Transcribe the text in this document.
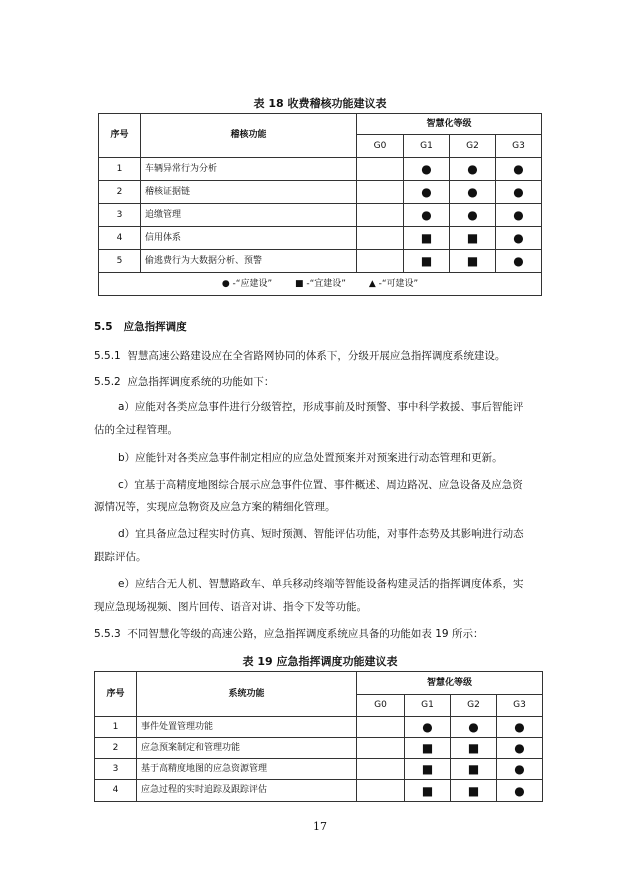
表 18 收费稽核功能建议表
序号	稽核功能	智慧化等级			
		G0	G1	G2	G3
1	车辆异常行为分析		●	●	●
2	稽核证据链		●	●	●
3	追缴管理		●	●	●
4	信用体系		■	■	●
5	偷逃费行为大数据分析、预警		■	■	●
● -“应建设” ■ -“宜建设” ▲ -“可建设”					
5.5 应急指挥调度
5.5.1 智慧高速公路建设应在全省路网协同的体系下，分级开展应急指挥调度系统建设。
5.5.2 应急指挥调度系统的功能如下：
a）应能对各类应急事件进行分级管控，形成事前及时预警、事中科学救援、事后智能评
估的全过程管理。
b）应能针对各类应急事件制定相应的应急处置预案并对预案进行动态管理和更新。
c）宜基于高精度地图综合展示应急事件位置、事件概述、周边路况、应急设备及应急资
源情况等，实现应急物资及应急方案的精细化管理。
d）宜具备应急过程实时仿真、短时预测、智能评估功能，对事件态势及其影响进行动态
跟踪评估。
e）应结合无人机、智慧路政车、单兵移动终端等智能设备构建灵活的指挥调度体系，实
现应急现场视频、图片回传、语音对讲、指令下发等功能。
5.5.3 不同智慧化等级的高速公路，应急指挥调度系统应具备的功能如表 19 所示：
表 19 应急指挥调度功能建议表
序号	系统功能	智慧化等级			
		G0	G1	G2	G3
1	事件处置管理功能		●	●	●
2	应急预案制定和管理功能		■	■	●
3	基于高精度地图的应急资源管理		■	■	●
4	应急过程的实时追踪及跟踪评估		■	■	●
17
